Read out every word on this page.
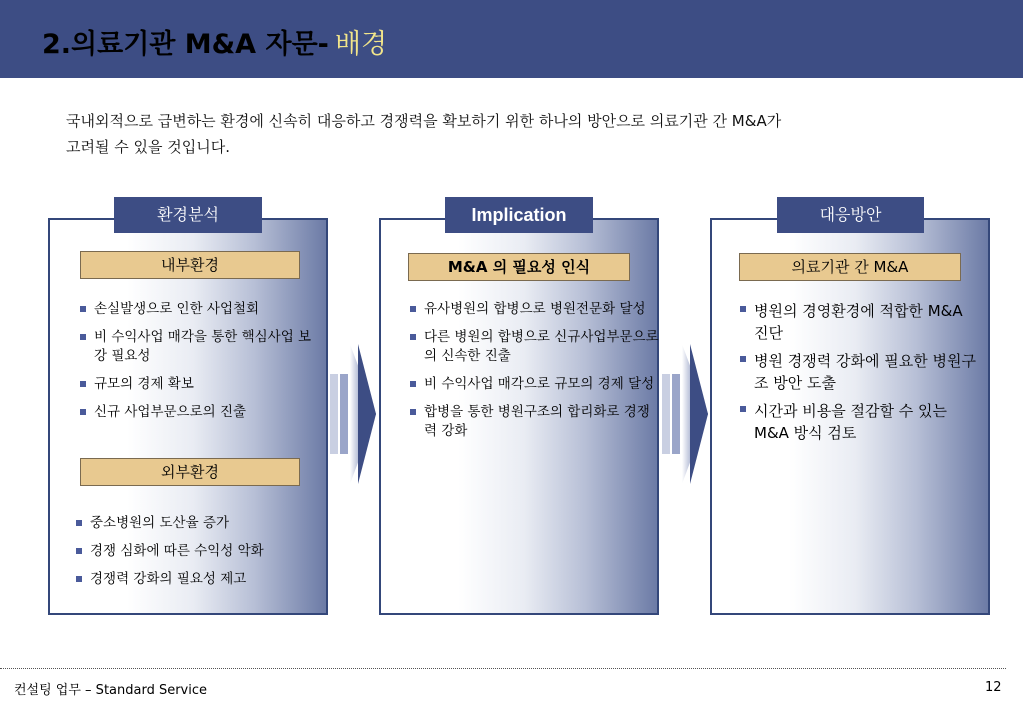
2.의료기관 M&A 자문- 배경
국내외적으로 급변하는 환경에 신속히 대응하고 경쟁력을 확보하기 위한 하나의 방안으로 의료기관 간 M&A가
고려될 수 있을 것입니다.
환경분석	Implication	대응방안
내부환경
외부환경
M&A 의 필요성 인식	의료기관 간 M&A
손실발생으로 인한 사업철회
비 수익사업 매각을 통한 핵심사업 보강 필요성
규모의 경제 확보
신규 사업부문으로의 진출
중소병원의 도산율 증가
경쟁 심화에 따른 수익성 악화
경쟁력 강화의 필요성 제고
유사병원의 합병으로 병원전문화 달성
다른 병원의 합병으로 신규사업부문으로의 신속한 진출
비 수익사업 매각으로 규모의 경제 달성
합병을 통한 병원구조의 합리화로 경쟁력 강화
병원의 경영환경에 적합한 M&A 진단
병원 경쟁력 강화에 필요한 병원구조 방안 도출
시간과 비용을 절감할 수 있는 M&A 방식 검토
컨설팅 업무 – Standard Service	12
